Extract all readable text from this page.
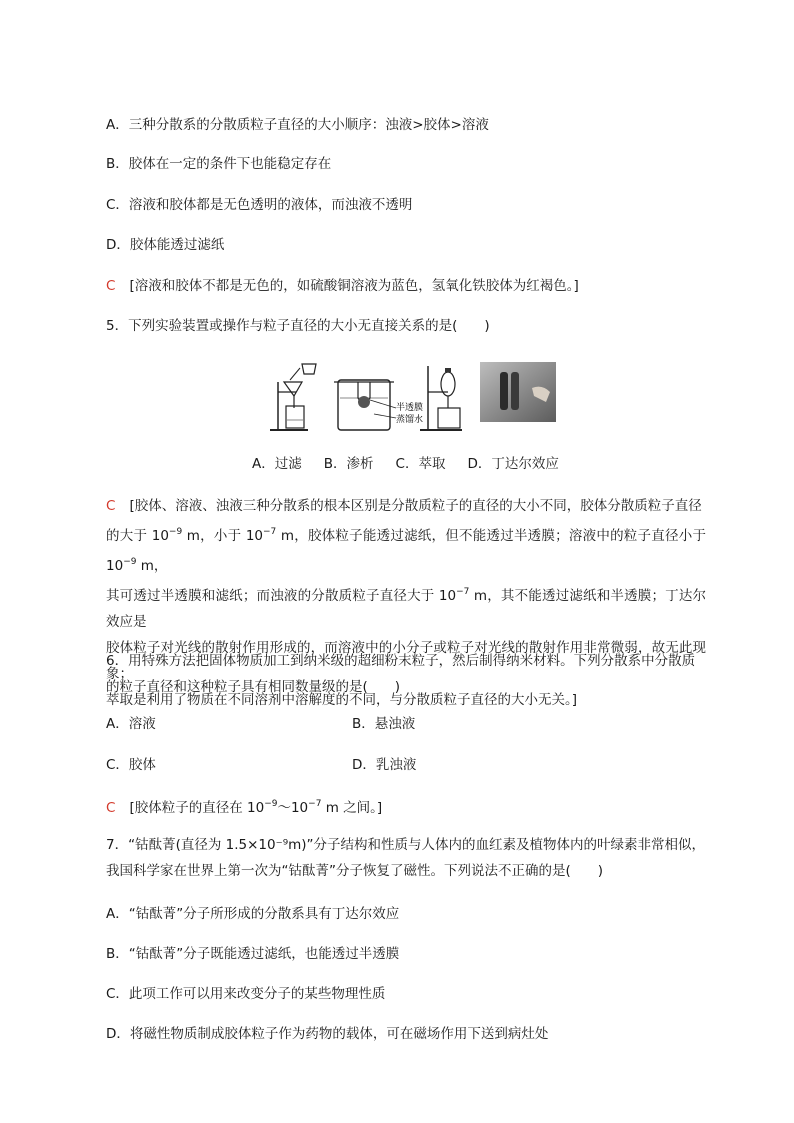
A．三种分散系的分散质粒子直径的大小顺序：浊液>胶体>溶液
B．胶体在一定的条件下也能稳定存在
C．溶液和胶体都是无色透明的液体，而浊液不透明
D．胶体能透过滤纸
C [溶液和胶体不都是无色的，如硫酸铜溶液为蓝色，氢氧化铁胶体为红褐色。]
5．下列实验装置或操作与粒子直径的大小无直接关系的是(　　)
半透膜
蒸馏水
A．过滤 B．渗析 C．萃取 D．丁达尔效应
C [胶体、溶液、浊液三种分散系的根本区别是分散质粒子的直径的大小不同，胶体分散质粒子直径
的大于 $10^{-9}$ m，小于 $10^{-7}$ m，胶体粒子能透过滤纸，但不能透过半透膜；溶液中的粒子直径小于 $10^{-9}$ m，
其可透过半透膜和滤纸；而浊液的分散质粒子直径大于 $10^{-7}$ m，其不能透过滤纸和半透膜；丁达尔效应是
胶体粒子对光线的散射作用形成的，而溶液中的小分子或粒子对光线的散射作用非常微弱，故无此现象；
萃取是利用了物质在不同溶剂中溶解度的不同，与分散质粒子直径的大小无关。]
6．用特殊方法把固体物质加工到纳米级的超细粉末粒子，然后制得纳米材料。下列分散系中分散质
的粒子直径和这种粒子具有相同数量级的是(　　)
A．溶液	B．悬浊液
C．胶体	D．乳浊液
C [胶体粒子的直径在 $10^{-9}\sim 10^{-7}$ m 之间。]
7．“钴酞菁(直径为 1.5×10⁻⁹m)”分子结构和性质与人体内的血红素及植物体内的叶绿素非常相似，
我国科学家在世界上第一次为“钴酞菁”分子恢复了磁性。下列说法不正确的是(　　)
A．“钴酞菁”分子所形成的分散系具有丁达尔效应
B．“钴酞菁”分子既能透过滤纸，也能透过半透膜
C．此项工作可以用来改变分子的某些物理性质
D．将磁性物质制成胶体粒子作为药物的载体，可在磁场作用下送到病灶处
